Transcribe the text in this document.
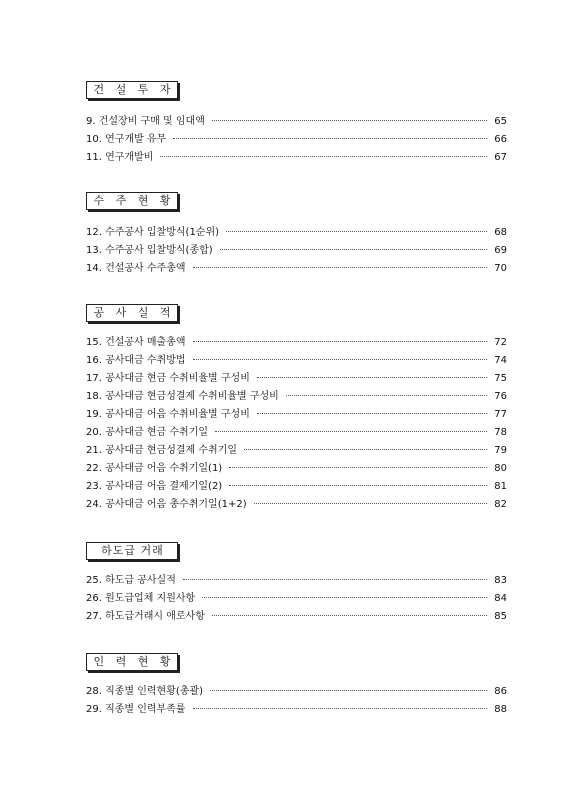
건 설 투 자
9. 건설장비 구매 및 임대액	65
10. 연구개발 유무	66
11. 연구개발비	67
수 주 현 황
12. 수주공사 입찰방식(1순위)	68
13. 수주공사 입찰방식(종합)	69
14. 건설공사 수주총액	70
공 사 실 적
15. 건설공사 매출총액	72
16. 공사대금 수취방법	74
17. 공사대금 현금 수취비율별 구성비	75
18. 공사대금 현금성결제 수취비율별 구성비	76
19. 공사대금 어음 수취비율별 구성비	77
20. 공사대금 현금 수취기일	78
21. 공사대금 현금성결제 수취기일	79
22. 공사대금 어음 수취기일(1)	80
23. 공사대금 어음 결제기일(2)	81
24. 공사대금 어음 총수취기일(1+2)	82
하도급 거래
25. 하도급 공사실적	83
26. 원도급업체 지원사항	84
27. 하도급거래시 애로사항	85
인 력 현 황
28. 직종별 인력현황(총괄)	86
29. 직종별 인력부족률	88
